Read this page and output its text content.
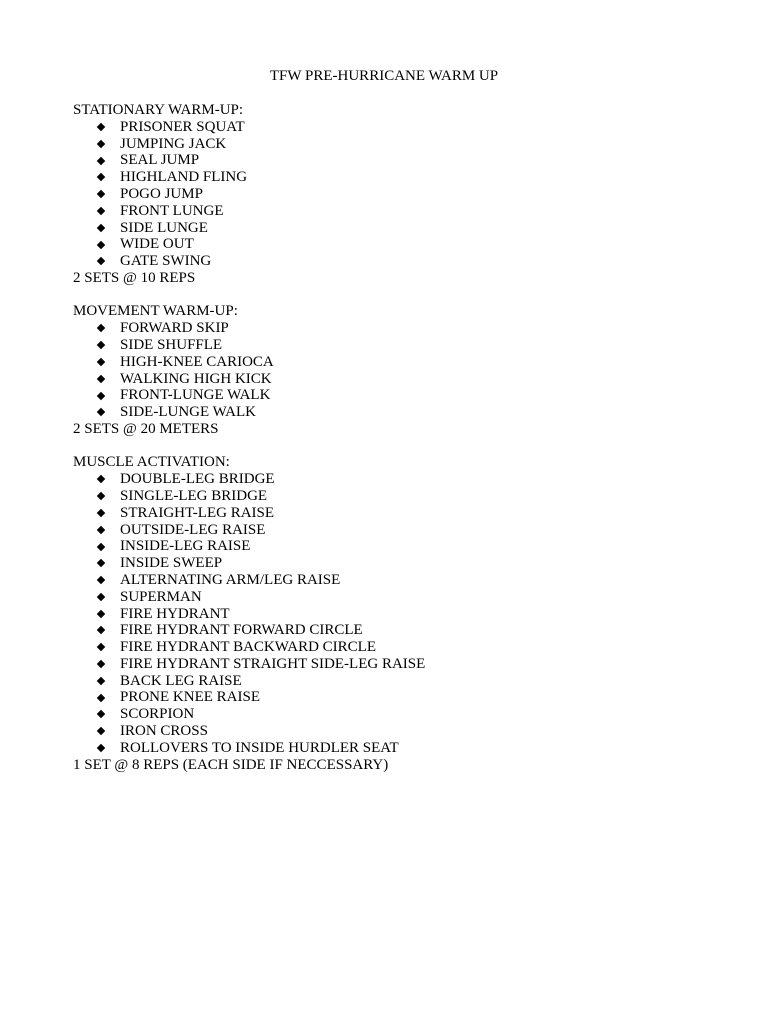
TFW PRE-HURRICANE WARM UP
STATIONARY WARM-UP:
PRISONER SQUAT
JUMPING JACK
SEAL JUMP
HIGHLAND FLING
POGO JUMP
FRONT LUNGE
SIDE LUNGE
WIDE OUT
GATE SWING
2 SETS @ 10 REPS
MOVEMENT WARM-UP:
FORWARD SKIP
SIDE SHUFFLE
HIGH-KNEE CARIOCA
WALKING HIGH KICK
FRONT-LUNGE WALK
SIDE-LUNGE WALK
2 SETS @ 20 METERS
MUSCLE ACTIVATION:
DOUBLE-LEG BRIDGE
SINGLE-LEG BRIDGE
STRAIGHT-LEG RAISE
OUTSIDE-LEG RAISE
INSIDE-LEG RAISE
INSIDE SWEEP
ALTERNATING ARM/LEG RAISE
SUPERMAN
FIRE HYDRANT
FIRE HYDRANT FORWARD CIRCLE
FIRE HYDRANT BACKWARD CIRCLE
FIRE HYDRANT STRAIGHT SIDE-LEG RAISE
BACK LEG RAISE
PRONE KNEE RAISE
SCORPION
IRON CROSS
ROLLOVERS TO INSIDE HURDLER SEAT
1 SET @ 8 REPS (EACH SIDE IF NECCESSARY)
